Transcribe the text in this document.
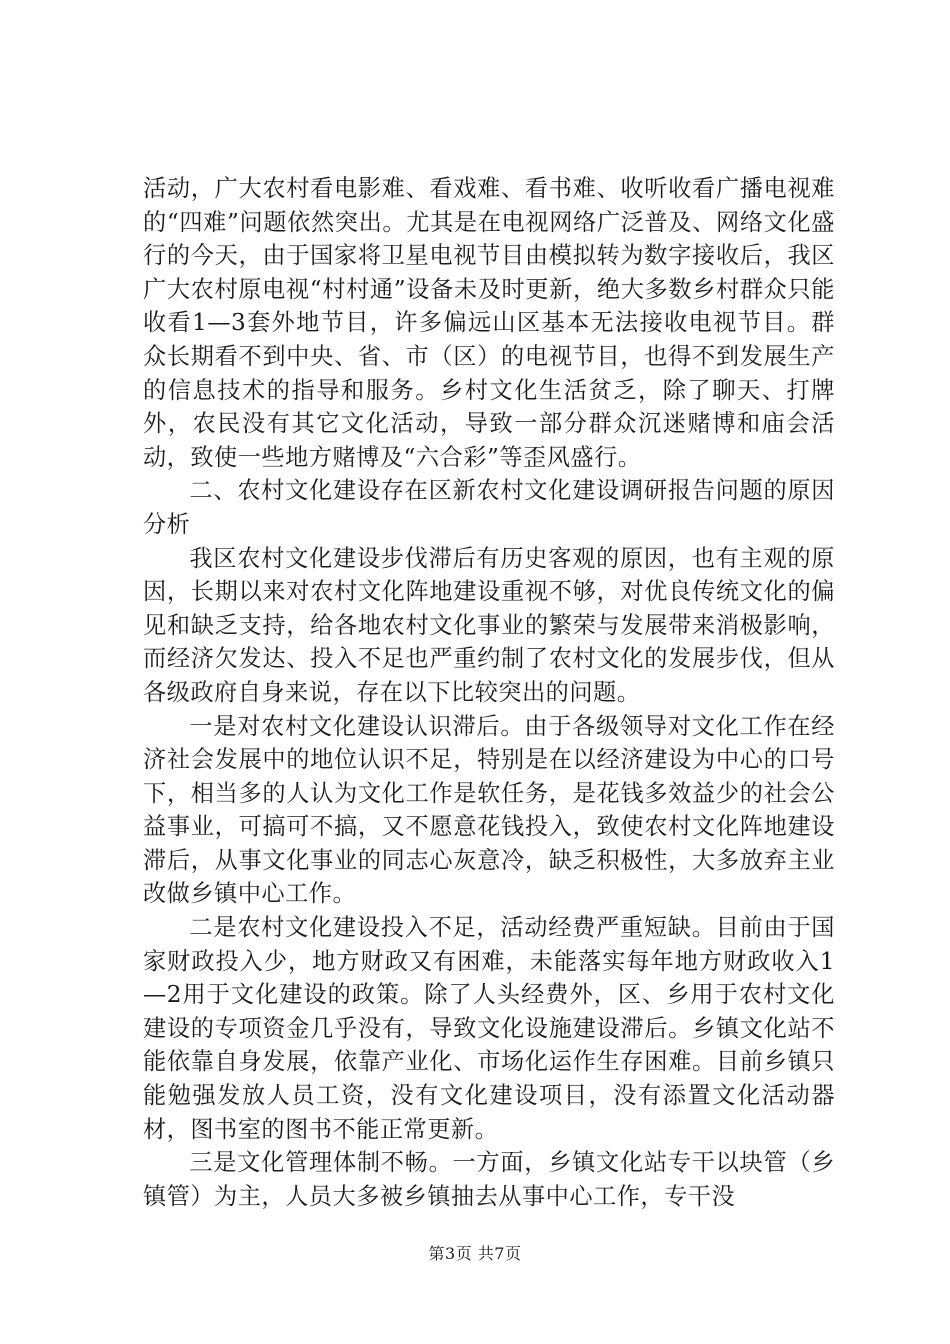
活动，广大农村看电影难、看戏难、看书难、收听收看广播电视难的“四难”问题依然突出。尤其是在电视网络广泛普及、网络文化盛行的今天，由于国家将卫星电视节目由模拟转为数字接收后，我区广大农村原电视“村村通”设备未及时更新，绝大多数乡村群众只能收看1—3套外地节目，许多偏远山区基本无法接收电视节目。群众长期看不到中央、省、市（区）的电视节目，也得不到发展生产的信息技术的指导和服务。乡村文化生活贫乏，除了聊天、打牌外，农民没有其它文化活动，导致一部分群众沉迷赌博和庙会活动，致使一些地方赌博及“六合彩”等歪风盛行。

二、农村文化建设存在区新农村文化建设调研报告问题的原因分析

我区农村文化建设步伐滞后有历史客观的原因，也有主观的原因，长期以来对农村文化阵地建设重视不够，对优良传统文化的偏见和缺乏支持，给各地农村文化事业的繁荣与发展带来消极影响，而经济欠发达、投入不足也严重约制了农村文化的发展步伐，但从各级政府自身来说，存在以下比较突出的问题。

一是对农村文化建设认识滞后。由于各级领导对文化工作在经济社会发展中的地位认识不足，特别是在以经济建设为中心的口号下，相当多的人认为文化工作是软任务，是花钱多效益少的社会公益事业，可搞可不搞，又不愿意花钱投入，致使农村文化阵地建设滞后，从事文化事业的同志心灰意冷，缺乏积极性，大多放弃主业改做乡镇中心工作。

二是农村文化建设投入不足，活动经费严重短缺。目前由于国家财政投入少，地方财政又有困难，未能落实每年地方财政收入1—2用于文化建设的政策。除了人头经费外，区、乡用于农村文化建设的专项资金几乎没有，导致文化设施建设滞后。乡镇文化站不能依靠自身发展，依靠产业化、市场化运作生存困难。目前乡镇只能勉强发放人员工资，没有文化建设项目，没有添置文化活动器材，图书室的图书不能正常更新。

三是文化管理体制不畅。一方面，乡镇文化站专干以块管（乡镇管）为主，人员大多被乡镇抽去从事中心工作，专干没

第3页 共7页
